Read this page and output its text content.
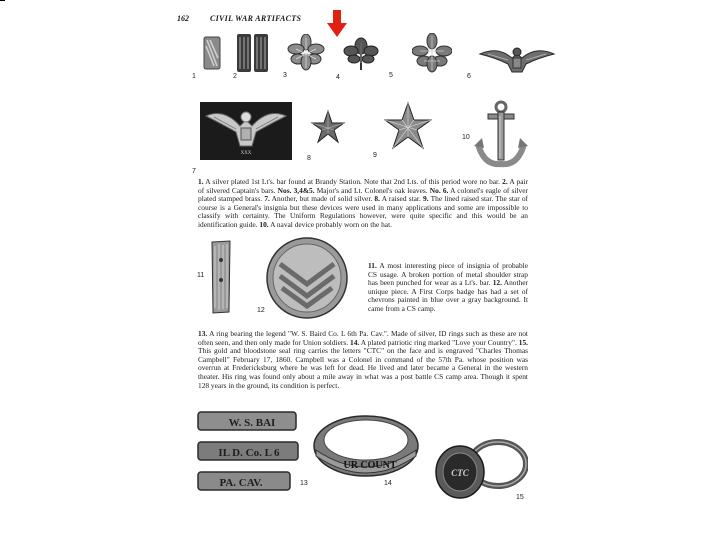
162	CIVIL WAR ARTIFACTS
XXX
1	2	3	4	5	6
7
8	9
10
1. A silver plated 1st Lt's. bar found at Brandy Station. Note that 2nd Lts. of this period wore no bar. 2. A pair of silvered Captain's bars. Nos. 3,4&5. Major's and Lt. Colonel's oak leaves. No. 6. A colonel's eagle of silver plated stamped brass. 7. Another, but made of solid silver. 8. A raised star. 9. The lined raised star. The star of course is a General's insignia but these devices were used in many applications and some are impossible to classify with certainty. The Uniform Regulations however, were quite specific and this would be an identification guide. 10. A naval device probably worn on the hat.
11
12
11. A most interesting piece of insignia of probable CS usage. A broken portion of metal shoulder strap has been punched for wear as a Lt's. bar. 12. Another unique piece. A First Corps badge has had a set of chevrons painted in blue over a gray background. It came from a CS camp.
13. A ring bearing the legend "W. S. Baird Co. L 6th Pa. Cav.". Made of silver, ID rings such as these are not often seen, and then only made for Union soldiers. 14. A plated patriotic ring marked "Love your Country". 15. This gold and bloodstone seal ring carries the letters "CTC" on the face and is engraved "Charles Thomas Campbell" February 17, 1860. Campbell was a Colonel in command of the 57th Pa. whose position was overrun at Fredericksburg where he was left for dead. He lived and later became a General in the western theater. His ring was found only about a mile away in what was a post battle CS camp area. Though it spent 128 years in the ground, its condition is perfect.
W. S. BAI
IL D. Co. L 6
PA. CAV.	13
UR COUNT
14
CTC
15
